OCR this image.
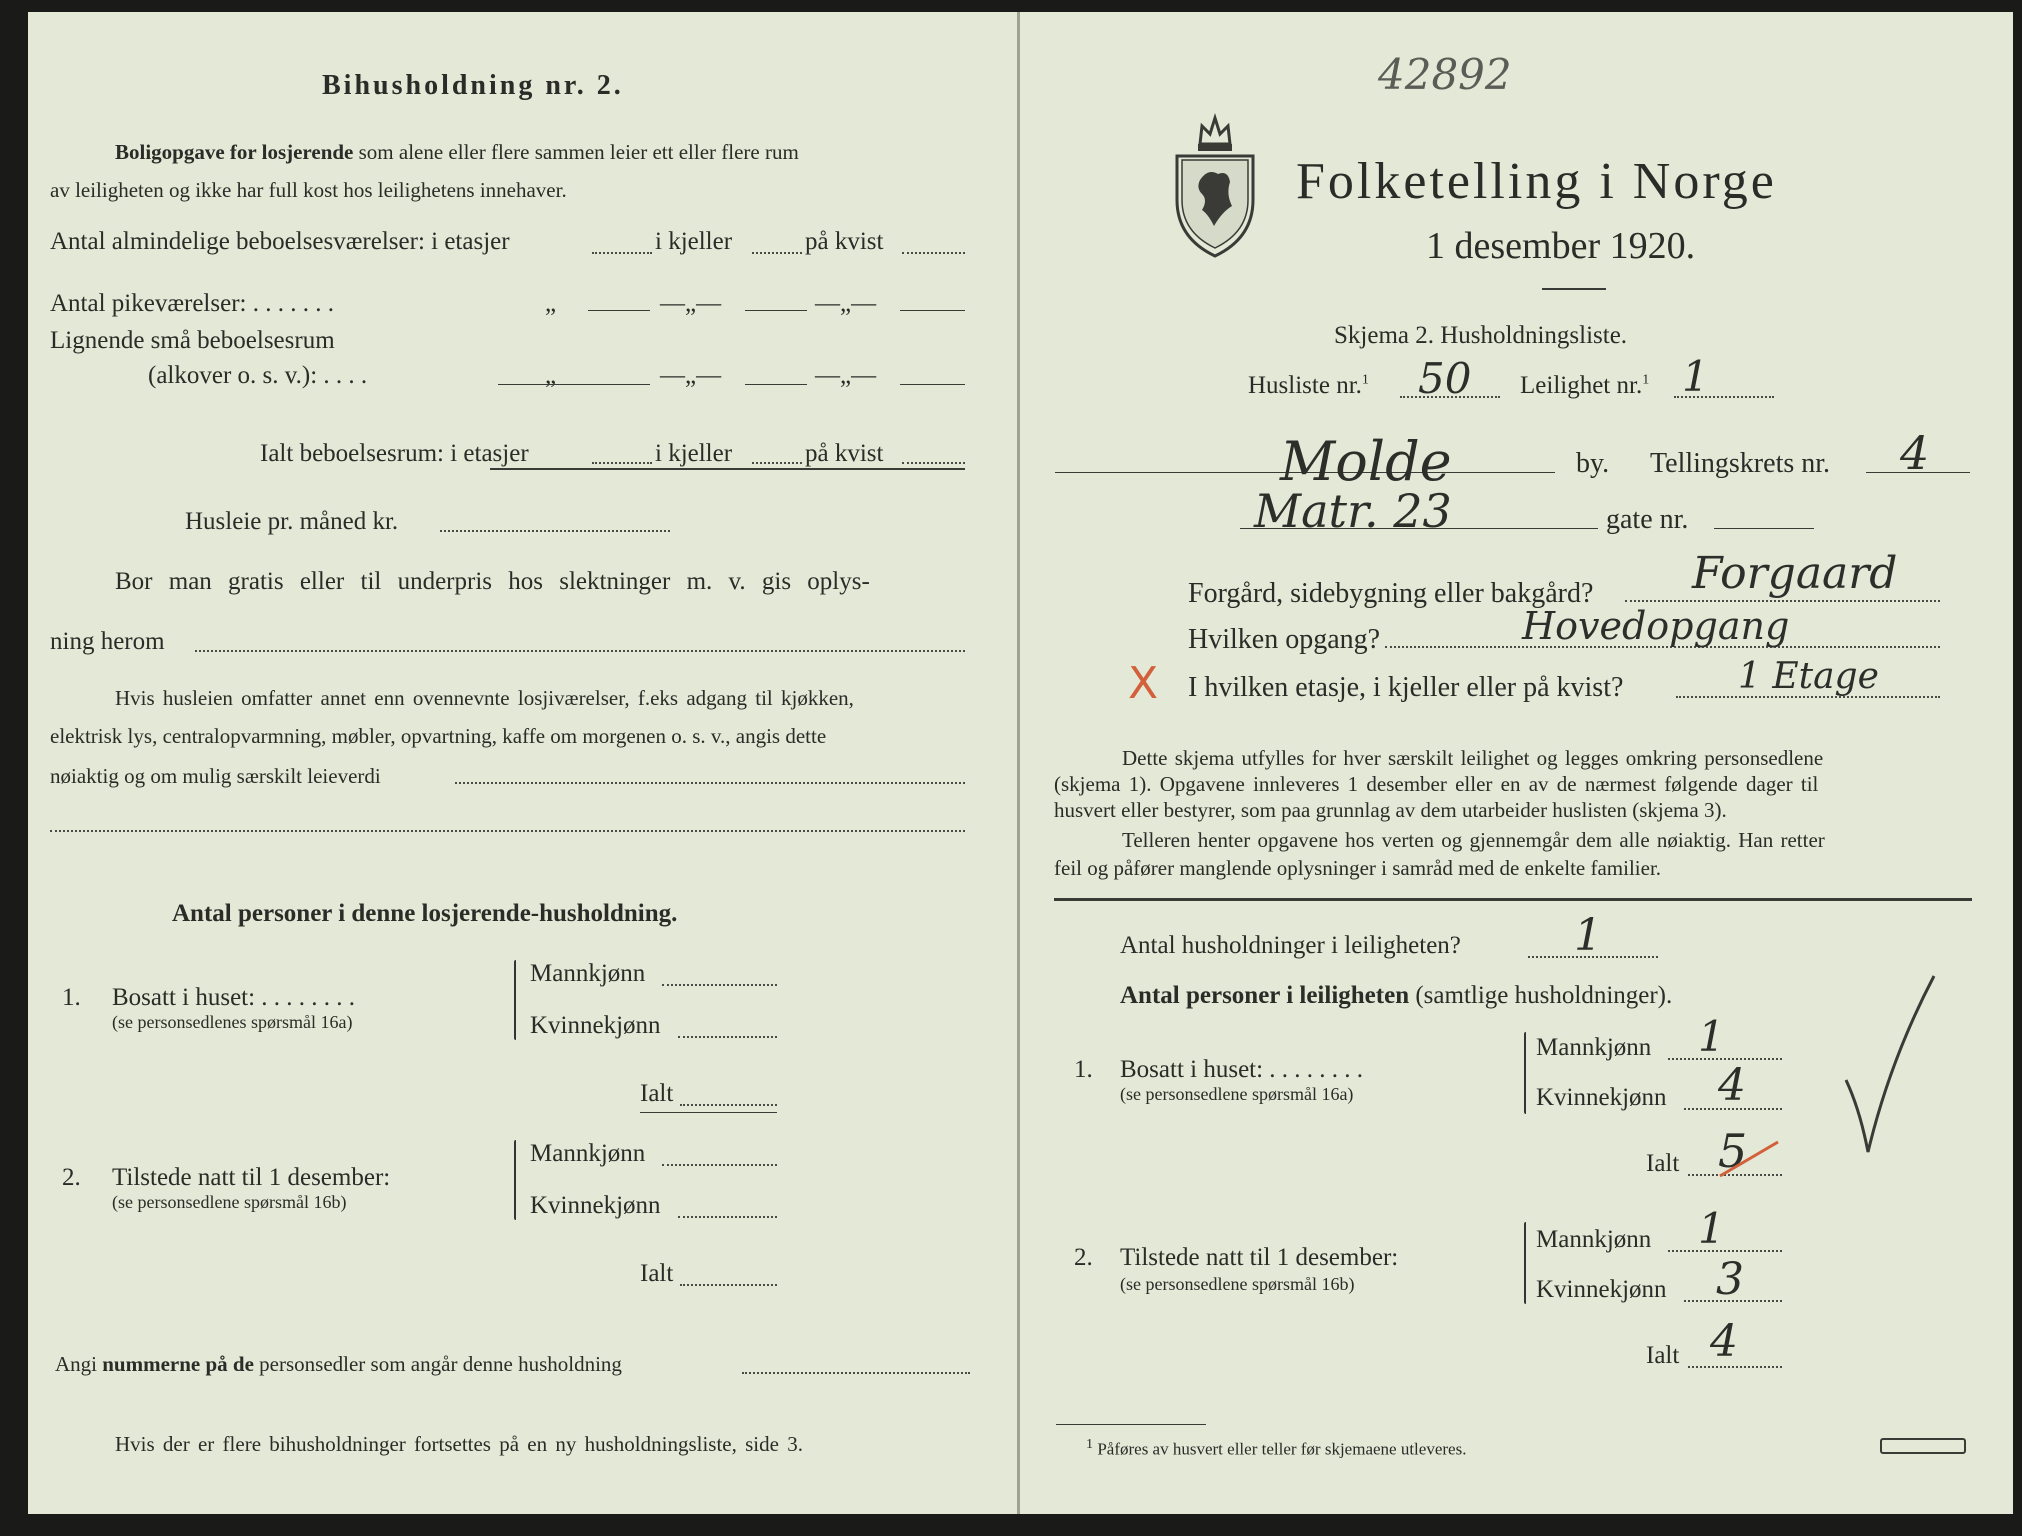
Bihusholdning nr. 2.
Boligopgave for losjerende som alene eller flere sammen leier ett eller flere rum
av leiligheten og ikke har full kost hos leilighetens innehaver.
Antal almindelige beboelsesværelser: i etasjer	i kjeller	på kvist
Antal pikeværelser: . . . . . . .	„	—„—	—„—
Lignende små beboelsesrum
(alkover o. s. v.): . . . .	„	—„—	—„—
Ialt beboelsesrum: i etasjer	i kjeller	på kvist
Husleie pr. måned kr.
Bor man gratis eller til underpris hos slektninger m. v. gis oplys-
ning herom
Hvis husleien omfatter annet enn ovennevnte losjiværelser, f.eks adgang til kjøkken,
elektrisk lys, centralopvarmning, møbler, opvartning, kaffe om morgenen o. s. v., angis dette
nøiaktig og om mulig særskilt leieverdi
Antal personer i denne losjerende-husholdning.
1. Bosatt i huset: . . . . . . . .
(se personsedlenes spørsmål 16a)
Mannkjønn
Kvinnekjønn
Ialt
2. Tilstede natt til 1 desember:
(se personsedlene spørsmål 16b)
Mannkjønn
Kvinnekjønn
Ialt
Angi nummerne på de personsedler som angår denne husholdning
Hvis der er flere bihusholdninger fortsettes på en ny husholdningsliste, side 3.
42892
Folketelling i Norge
1 desember 1920.
Skjema 2. Husholdningsliste.
Husliste nr.$^1$ 50 Leilighet nr.$^1$ 1
Molde	by. Tellingskrets nr. 4
Matr. 23	gate nr.
Forgård, sidebygning eller bakgård? Forgaard
Hvilken opgang?	Hovedopgang
X I hvilken etasje, i kjeller eller på kvist?	1 Etage
Dette skjema utfylles for hver særskilt leilighet og legges omkring personsedlene
(skjema 1). Opgavene innleveres 1 desember eller en av de nærmest følgende dager til
husvert eller bestyrer, som paa grunnlag av dem utarbeider huslisten (skjema 3).
Telleren henter opgavene hos verten og gjennemgår dem alle nøiaktig. Han retter
feil og påfører manglende oplysninger i samråd med de enkelte familier.
Antal husholdninger i leiligheten?	1
Antal personer i leiligheten (samtlige husholdninger).
1. Bosatt i huset: . . . . . . . .
(se personsedlene spørsmål 16a)
Mannkjønn 1
Kvinnekjønn 4
Ialt 5
2. Tilstede natt til 1 desember:
(se personsedlene spørsmål 16b)
Mannkjønn 1
Kvinnekjønn 3
Ialt 4
$^1$ Påføres av husvert eller teller før skjemaene utleveres.
